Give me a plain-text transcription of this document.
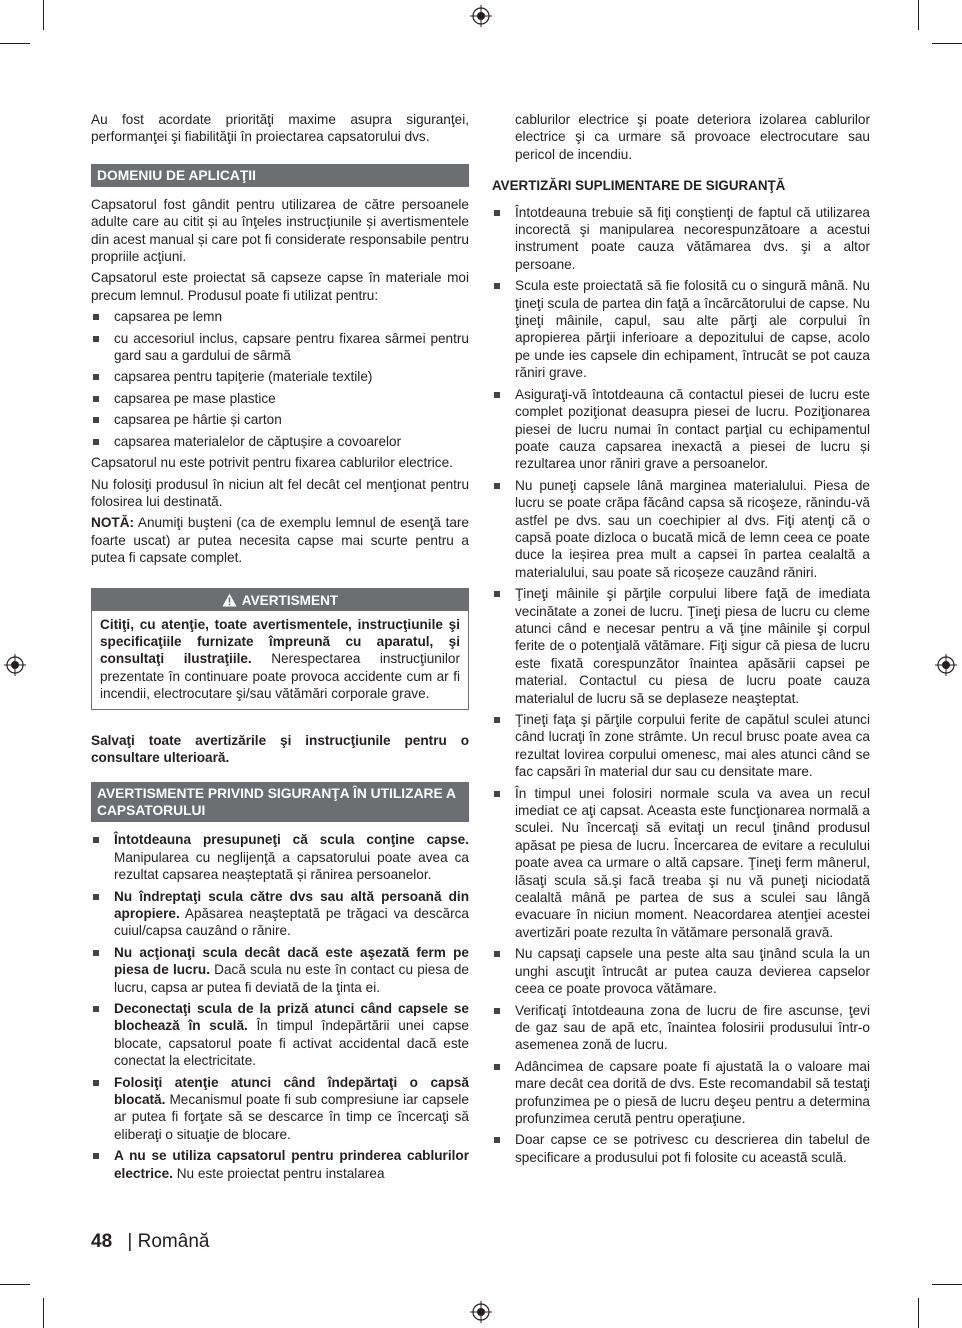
Au fost acordate priorităţi maxime asupra siguranţei, performanţei şi fiabilităţii în proiectarea capsatorului dvs.

DOMENIU DE APLICAŢII

Capsatorul fost gândit pentru utilizarea de către persoanele adulte care au citit și au înţeles instrucţiunile și avertismentele din acest manual și care pot fi considerate responsabile pentru propriile acţiuni.

Capsatorul este proiectat să capseze capse în materiale moi precum lemnul. Produsul poate fi utilizat pentru:

capsarea pe lemn
cu accesoriul inclus, capsare pentru fixarea sârmei pentru gard sau a gardului de sârmă
capsarea pentru tapiţerie (materiale textile)
capsarea pe mase plastice
capsarea pe hârtie și carton
capsarea materialelor de căptușire a covoarelor

Capsatorul nu este potrivit pentru fixarea cablurilor electrice.

Nu folosiţi produsul în niciun alt fel decât cel menţionat pentru folosirea lui destinată.

NOTĂ: Anumiţi buşteni (ca de exemplu lemnul de esenţă tare foarte uscat) ar putea necesita capse mai scurte pentru a putea fi capsate complet.

AVERTISMENT
Citiţi, cu atenţie, toate avertismentele, instrucţiunile şi specificaţiile furnizate împreună cu aparatul, şi consultaţi ilustraţiile. Nerespectarea instrucţiunilor prezentate în continuare poate provoca accidente cum ar fi incendii, electrocutare şi/sau vătămări corporale grave.

Salvaţi toate avertizările şi instrucţiunile pentru o consultare ulterioară.

AVERTISMENTE PRIVIND SIGURANŢA ÎN UTILIZARE A CAPSATORULUI
Întotdeauna presupuneţi că scula conţine capse. Manipularea cu neglijenţă a capsatorului poate avea ca rezultat capsarea neașteptată și rănirea persoanelor.
Nu îndreptaţi scula către dvs sau altă persoană din apropiere. Apăsarea neaşteptată pe trăgaci va descărca cuiul/capsa cauzând o rănire.
Nu acţionaţi scula decât dacă este aşezată ferm pe piesa de lucru. Dacă scula nu este în contact cu piesa de lucru, capsa ar putea fi deviată de la ţinta ei.
Deconectaţi scula de la priză atunci când capsele se blochează în sculă. În timpul îndepărtării unei capse blocate, capsatorul poate fi activat accidental dacă este conectat la electricitate.
Folosiţi atenţie atunci când îndepărtaţi o capsă blocată. Mecanismul poate fi sub compresiune iar capsele ar putea fi forţate să se descarce în timp ce încercaţi să eliberaţi o situaţie de blocare.
A nu se utiliza capsatorul pentru prinderea cablurilor electrice. Nu este proiectat pentru instalarea

cablurilor electrice şi poate deteriora izolarea cablurilor electrice şi ca urmare să provoace electrocutare sau pericol de incendiu.

AVERTIZĂRI SUPLIMENTARE DE SIGURANŢĂ
Întotdeauna trebuie să fiţi conştienţi de faptul că utilizarea incorectă şi manipularea necorespunzătoare a acestui instrument poate cauza vătămarea dvs. şi a altor persoane.
Scula este proiectată să fie folosită cu o singură mână. Nu ţineţi scula de partea din faţă a încărcătorului de capse. Nu ţineţi mâinile, capul, sau alte părţi ale corpului în apropierea părţii inferioare a depozitului de capse, acolo pe unde ies capsele din echipament, întrucât se pot cauza răniri grave.
Asiguraţi-vă întotdeauna că contactul piesei de lucru este complet poziţionat deasupra piesei de lucru. Poziţionarea piesei de lucru numai în contact parţial cu echipamentul poate cauza capsarea inexactă a piesei de lucru și rezultarea unor răniri grave a persoanelor.
Nu puneţi capsele lână marginea materialului. Piesa de lucru se poate crăpa făcând capsa să ricoşeze, rănindu-vă astfel pe dvs. sau un coechipier al dvs. Fiţi atenţi că o capsă poate dizloca o bucată mică de lemn ceea ce poate duce la ieșirea prea mult a capsei în partea cealaltă a materialului, sau poate să ricoșeze cauzând răniri.
Ţineţi mâinile şi părţile corpului libere faţă de imediata vecinătate a zonei de lucru. Ţineţi piesa de lucru cu cleme atunci când e necesar pentru a vă ţine mâinile şi corpul ferite de o potenţială vătămare. Fiţi sigur că piesa de lucru este fixată corespunzător înaintea apăsării capsei pe material. Contactul cu piesa de lucru poate cauza materialul de lucru să se deplaseze neaşteptat.
Ţineţi faţa şi părţile corpului ferite de capătul sculei atunci când lucraţi în zone strâmte. Un recul brusc poate avea ca rezultat lovirea corpului omenesc, mai ales atunci când se fac capsări în material dur sau cu densitate mare.
În timpul unei folosiri normale scula va avea un recul imediat ce aţi capsat. Aceasta este funcţionarea normală a sculei. Nu încercaţi să evitaţi un recul ţinând produsul apăsat pe piesa de lucru. Încercarea de evitare a reculului poate avea ca urmare o altă capsare. Ţineţi ferm mânerul, lăsaţi scula să.şi facă treaba şi nu vă puneţi niciodată cealaltă mână pe partea de sus a sculei sau lângă evacuare în niciun moment. Neacordarea atenţiei acestei avertizări poate rezulta în vătămare personală gravă.
Nu capsaţi capsele una peste alta sau ţinând scula la un unghi ascuţit întrucât ar putea cauza devierea capselor ceea ce poate provoca vătămare.
Verificaţi întotdeauna zona de lucru de fire ascunse, ţevi de gaz sau de apă etc, înaintea folosirii produsului într-o asemenea zonă de lucru.
Adâncimea de capsare poate fi ajustată la o valoare mai mare decât cea dorită de dvs. Este recomandabil să testaţi profunzimea pe o piesă de lucru deşeu pentru a determina profunzimea cerută pentru operaţiune.
Doar capse ce se potrivesc cu descrierea din tabelul de specificare a produsului pot fi folosite cu această sculă.
48 | Română
